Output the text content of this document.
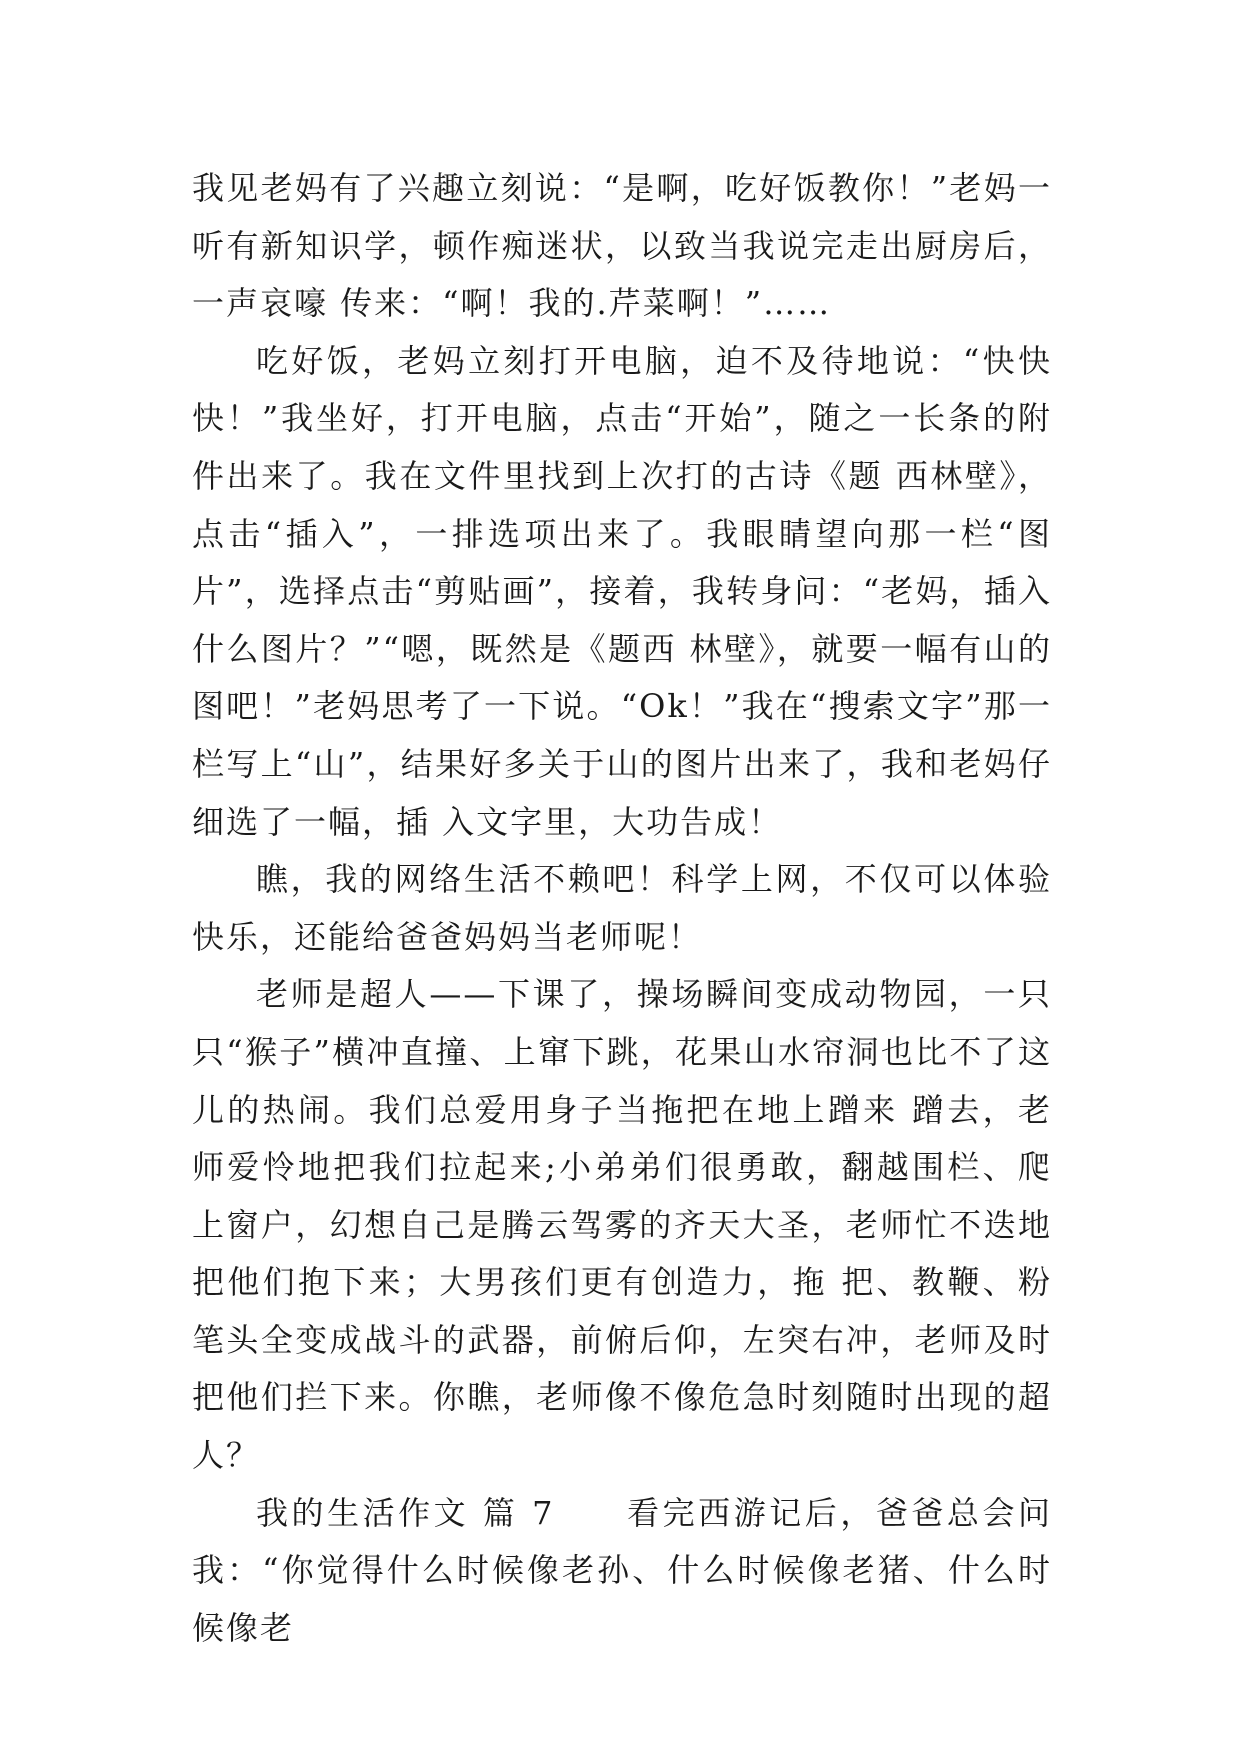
我见老妈有了兴趣立刻说：“是啊，吃好饭教你！”老妈一听有新知识学，顿作痴迷状，以致当我说完走出厨房后，一声哀嚎 传来：“啊！我的.芹菜啊！”……

吃好饭，老妈立刻打开电脑，迫不及待地说：“快快快！”我坐好，打开电脑，点击“开始”，随之一长条的附件出来了。我在文件里找到上次打的古诗《题 西林壁》，点击“插入”，一排选项出来了。我眼睛望向那一栏“图片”，选择点击“剪贴画”，接着，我转身问：“老妈，插入什么图片？”“嗯，既然是《题西 林壁》，就要一幅有山的图吧！”老妈思考了一下说。“Ok！”我在“搜索文字”那一栏写上“山”，结果好多关于山的图片出来了，我和老妈仔细选了一幅，插 入文字里，大功告成！

瞧，我的网络生活不赖吧！科学上网，不仅可以体验快乐，还能给爸爸妈妈当老师呢！

老师是超人——下课了，操场瞬间变成动物园，一只只“猴子”横冲直撞、上窜下跳，花果山水帘洞也比不了这儿的热闹。我们总爱用身子当拖把在地上蹭来 蹭去，老师爱怜地把我们拉起来;小弟弟们很勇敢，翻越围栏、爬上窗户，幻想自己是腾云驾雾的齐天大圣，老师忙不迭地把他们抱下来；大男孩们更有创造力，拖 把、教鞭、粉笔头全变成战斗的武器，前俯后仰，左突右冲，老师及时把他们拦下来。你瞧，老师像不像危急时刻随时出现的超人？

我的生活作文 篇 7　　看完西游记后，爸爸总会问我：“你觉得什么时候像老孙、什么时候像老猪、什么时候像老
